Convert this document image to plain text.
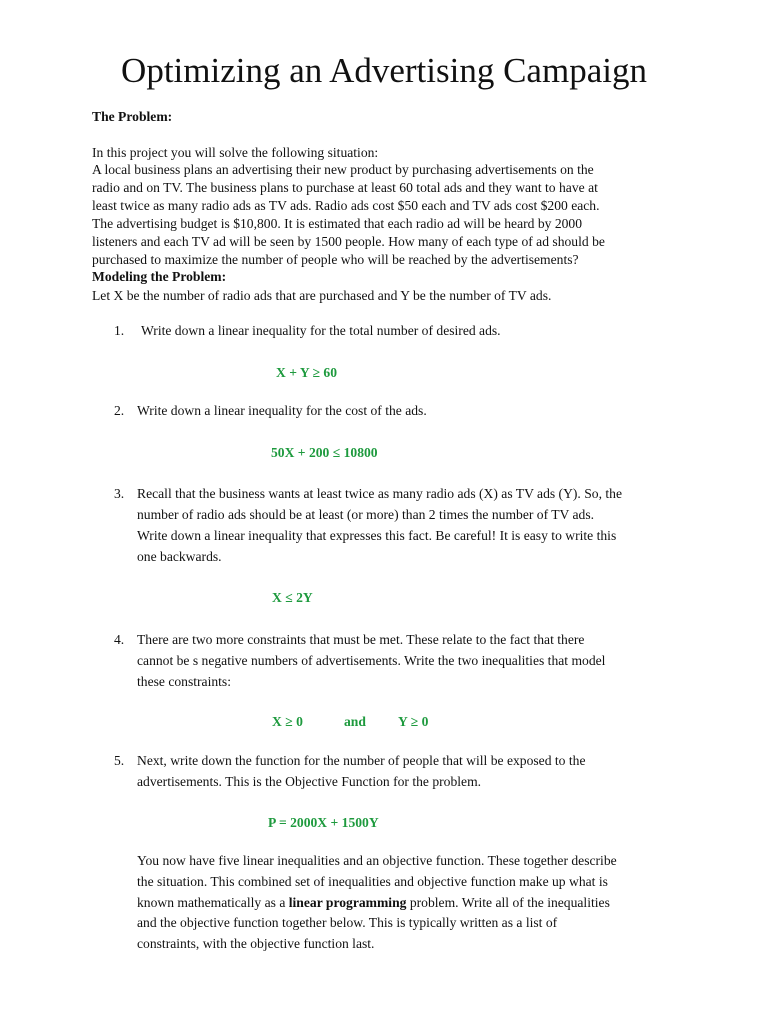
Optimizing an Advertising Campaign
The Problem:
In this project you will solve the following situation:
A local business plans an advertising their new product by purchasing advertisements on the
radio and on TV. The business plans to purchase at least 60 total ads and they want to have at
least twice as many radio ads as TV ads. Radio ads cost $50 each and TV ads cost $200 each.
The advertising budget is $10,800. It is estimated that each radio ad will be heard by 2000
listeners and each TV ad will be seen by 1500 people. How many of each type of ad should be
purchased to maximize the number of people who will be reached by the advertisements?
Modeling the Problem:
Let X be the number of radio ads that are purchased and Y be the number of TV ads.
1.	Write down a linear inequality for the total number of desired ads.
X + Y ≥ 60
2. Write down a linear inequality for the cost of the ads.
50X + 200 ≤ 10800
3. Recall that the business wants at least twice as many radio ads (X) as TV ads (Y). So, the
number of radio ads should be at least (or more) than 2 times the number of TV ads.
Write down a linear inequality that expresses this fact. Be careful! It is easy to write this
one backwards.
X ≤ 2Y
4. There are two more constraints that must be met. These relate to the fact that there
cannot be s negative numbers of advertisements. Write the two inequalities that model
these constraints:
X ≥ 0	and Y ≥ 0
5. Next, write down the function for the number of people that will be exposed to the
advertisements. This is the Objective Function for the problem.
P = 2000X + 1500Y
You now have five linear inequalities and an objective function. These together describe
the situation. This combined set of inequalities and objective function make up what is
known mathematically as a linear programming problem. Write all of the inequalities
and the objective function together below. This is typically written as a list of
constraints, with the objective function last.
